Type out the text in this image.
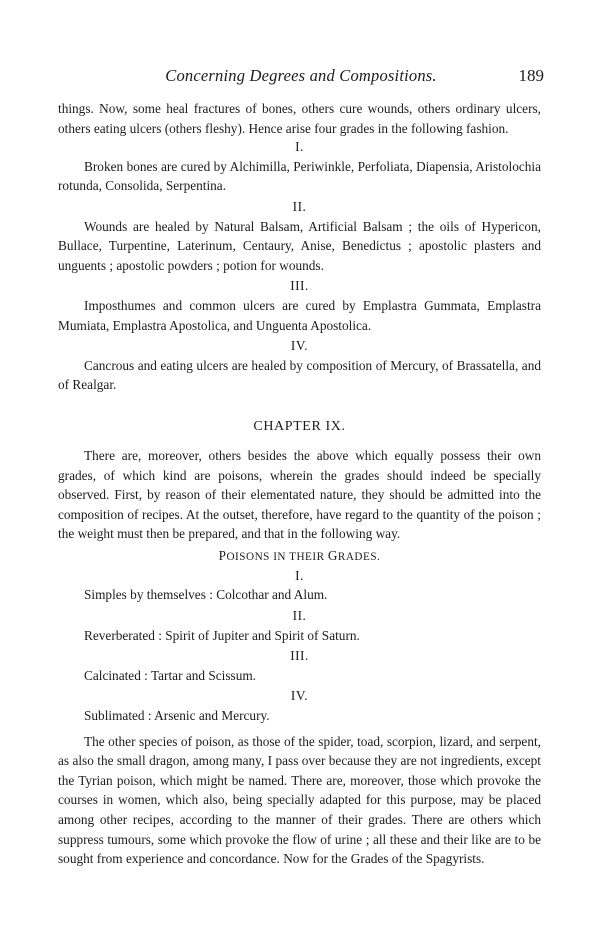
Concerning Degrees and Compositions.	189

things. Now, some heal fractures of bones, others cure wounds, others ordinary ulcers, others eating ulcers (others fleshy). Hence arise four grades in the following fashion.

I.

Broken bones are cured by Alchimilla, Periwinkle, Perfoliata, Diapensia, Aristolochia rotunda, Consolida, Serpentina.

II.

Wounds are healed by Natural Balsam, Artificial Balsam ; the oils of Hypericon, Bullace, Turpentine, Laterinum, Centaury, Anise, Benedictus ; apostolic plasters and unguents ; apostolic powders ; potion for wounds.

III.

Imposthumes and common ulcers are cured by Emplastra Gummata, Emplastra Mumiata, Emplastra Apostolica, and Unguenta Apostolica.

IV.

Cancrous and eating ulcers are healed by composition of Mercury, of Brassatella, and of Realgar.

CHAPTER IX.

There are, moreover, others besides the above which equally possess their own grades, of which kind are poisons, wherein the grades should indeed be specially observed. First, by reason of their elementated nature, they should be admitted into the composition of recipes. At the outset, therefore, have regard to the quantity of the poison ; the weight must then be prepared, and that in the following way.

POISONS IN THEIR GRADES.
I.

Simples by themselves : Colcothar and Alum.

II.

Reverberated : Spirit of Jupiter and Spirit of Saturn.

III.

Calcinated : Tartar and Scissum.

IV.

Sublimated : Arsenic and Mercury.

The other species of poison, as those of the spider, toad, scorpion, lizard, and serpent, as also the small dragon, among many, I pass over because they are not ingredients, except the Tyrian poison, which might be named. There are, moreover, those which provoke the courses in women, which also, being specially adapted for this purpose, may be placed among other recipes, according to the manner of their grades. There are others which suppress tumours, some which provoke the flow of urine ; all these and their like are to be sought from experience and concordance. Now for the Grades of the Spagyrists.
